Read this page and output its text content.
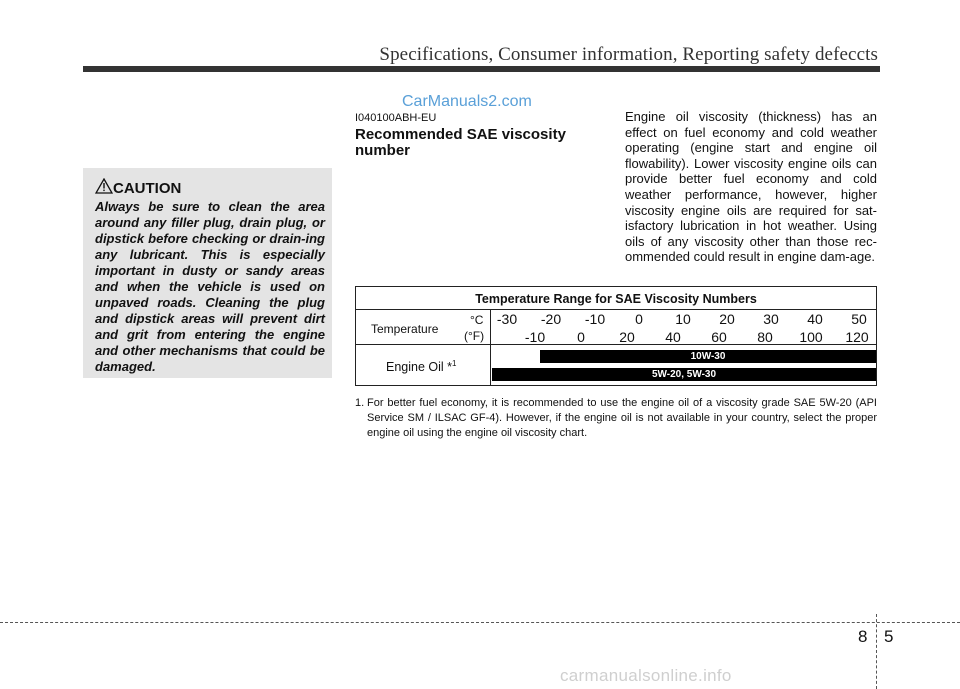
Specifications, Consumer information, Reporting safety defeccts
CAUTION
Always be sure to clean the area around any filler plug, drain plug, or dipstick before checking or drain-ing any lubricant. This is especially important in dusty or sandy areas and when the vehicle is used on unpaved roads. Cleaning the plug and dipstick areas will prevent dirt and grit from entering the engine and other mechanisms that could be damaged.
CarManuals2.com
I040100ABH-EU
Recommended SAE viscosity number
Engine oil viscosity (thickness) has an effect on fuel economy and cold weather operating (engine start and engine oil flowability). Lower viscosity engine oils can provide better fuel economy and cold weather performance, however, higher viscosity engine oils are required for sat-isfactory lubrication in hot weather. Using oils of any viscosity other than those rec-ommended could result in engine dam-age.
Temperature Range for SAE Viscosity Numbers
Temperature
°C
(°F)
-30 -20 -10 0 10 20 30 40 50
-10 0 20 40 60 80 100 120
Engine Oil *$^1$
10W-30
5W-20, 5W-30
1. For better fuel economy, it is recommended to use the engine oil of a viscosity grade SAE 5W-20 (API Service SM / ILSAC GF-4). However, if the engine oil is not available in your country, select the proper engine oil using the engine oil viscosity chart.
8 5
carmanualsonline.info
